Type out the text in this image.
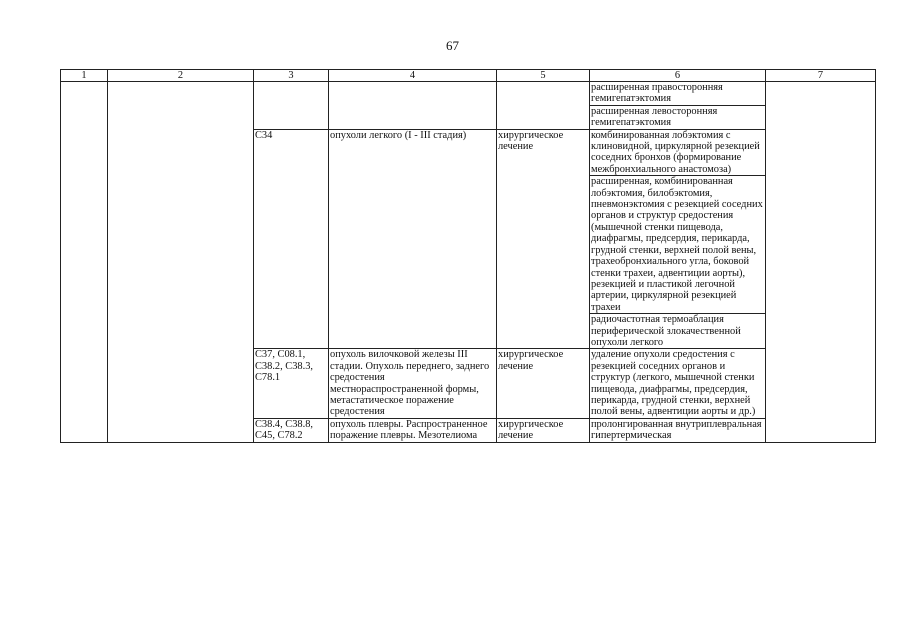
67
1	2	3	4	5	6	7
					расширенная правосторонняя гемигепатэктомия	
					расширенная левосторонняя гемигепатэктомия	
		C34	опухоли легкого (I - III стадия)	хирургическое лечение	комбинированная лобэктомия с клиновидной, циркулярной резекцией соседних бронхов (формирование межбронхиального анастомоза)	
					расширенная, комбинированная лобэктомия, билобэктомия, пневмонэктомия с резекцией соседних органов и структур средостения (мышечной стенки пищевода, диафрагмы, предсердия, перикарда, грудной стенки, верхней полой вены, трахеобронхиального угла, боковой стенки трахеи, адвентиции аорты), резекцией и пластикой легочной артерии, циркулярной резекцией трахеи	
					радиочастотная термоаблация периферической злокачественной опухоли легкого	
		C37, C08.1, C38.2, C38.3, C78.1	опухоль вилочковой железы III стадии. Опухоль переднего, заднего средостения местнораспространенной формы, метастатическое поражение средостения	хирургическое лечение	удаление опухоли средостения с резекцией соседних органов и структур (легкого, мышечной стенки пищевода, диафрагмы, предсердия, перикарда, грудной стенки, верхней полой вены, адвентиции аорты и др.)	
		C38.4, C38.8, C45, C78.2	опухоль плевры. Распространенное поражение плевры. Мезотелиома	хирургическое лечение	пролонгированная внутриплевральная гипертермическая	
